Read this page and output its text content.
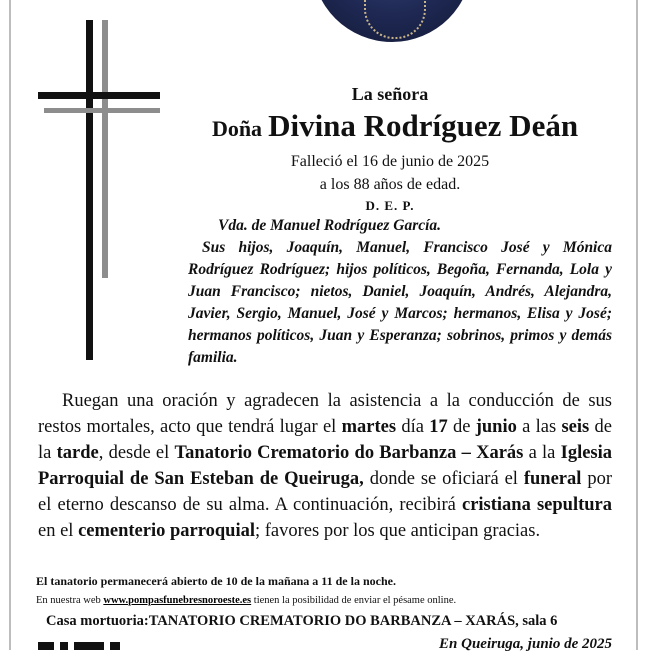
La señora
Doña Divina Rodríguez Deán
Falleció el 16 de junio de 2025
a los 88 años de edad.
D. E. P.
Vda. de Manuel Rodríguez García.
Sus hijos, Joaquín, Manuel, Francisco José y Mónica Rodríguez Rodríguez; hijos políticos, Begoña, Fernanda, Lola y Juan Francisco; nietos, Daniel, Joaquín, Andrés, Alejandra, Javier, Sergio, Manuel, José y Marcos; hermanos, Elisa y José; hermanos políticos, Juan y Esperanza; sobrinos, primos y demás familia.
Ruegan una oración y agradecen la asistencia a la conducción de sus restos mortales, acto que tendrá lugar el martes día 17 de junio a las seis de la tarde, desde el Tanatorio Crematorio do Barbanza – Xarás a la Iglesia Parroquial de San Esteban de Queiruga, donde se oficiará el funeral por el eterno descanso de su alma. A continuación, recibirá cristiana sepultura en el cementerio parroquial; favores por los que anticipan gracias.
El tanatorio permanecerá abierto de 10 de la mañana a 11 de la noche.
En nuestra web www.pompasfunebresnoroeste.es tienen la posibilidad de enviar el pésame online.
Casa mortuoria:TANATORIO CREMATORIO DO BARBANZA – XARÁS, sala 6
En Queiruga, junio de 2025
